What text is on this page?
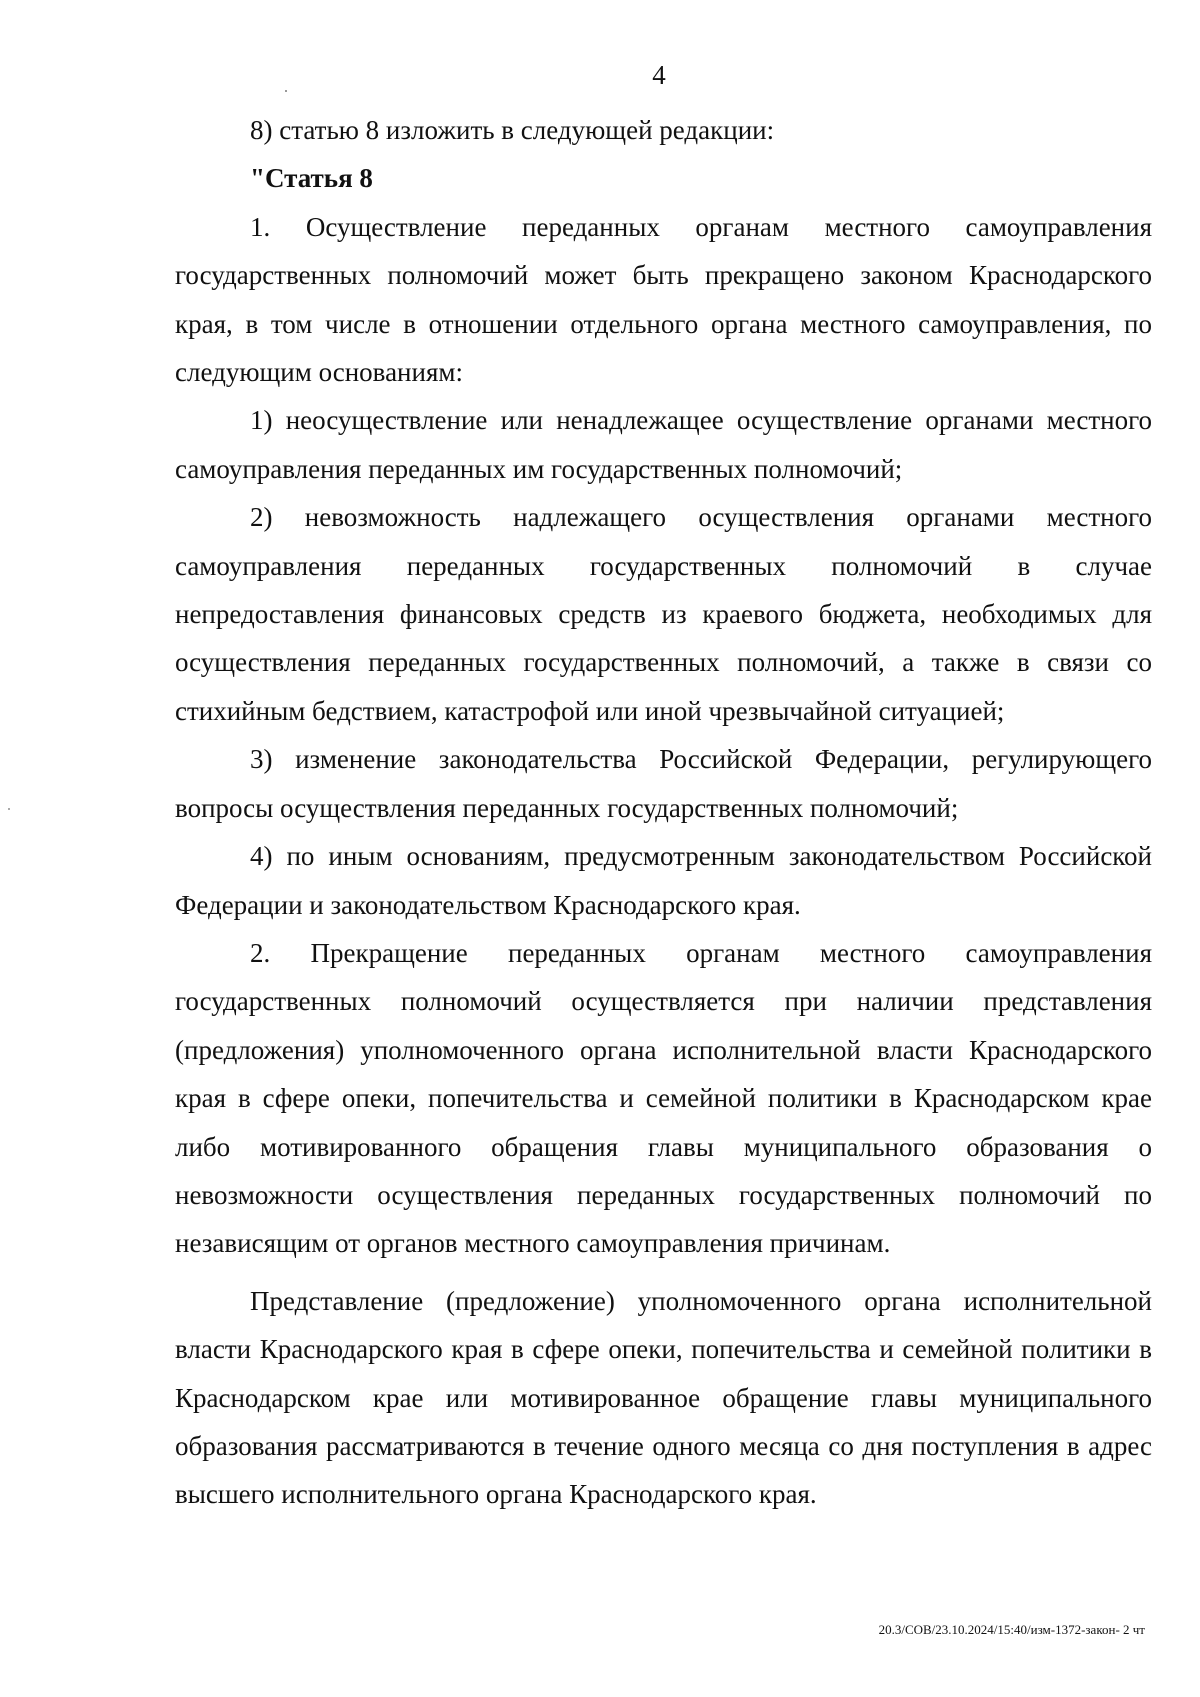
4

8) статью 8 изложить в следующей редакции:

"Статья 8

1. Осуществление переданных органам местного самоуправления государственных полномочий может быть прекращено законом Краснодарского края, в том числе в отношении отдельного органа местного самоуправления, по следующим основаниям:

1) неосуществление или ненадлежащее осуществление органами местного самоуправления переданных им государственных полномочий;

2) невозможность надлежащего осуществления органами местного самоуправления переданных государственных полномочий в случае непредоставления финансовых средств из краевого бюджета, необходимых для осуществления переданных государственных полномочий, а также в связи со стихийным бедствием, катастрофой или иной чрезвычайной ситуацией;

3) изменение законодательства Российской Федерации, регулирующего вопросы осуществления переданных государственных полномочий;

4) по иным основаниям, предусмотренным законодательством Российской Федерации и законодательством Краснодарского края.

2. Прекращение переданных органам местного самоуправления государственных полномочий осуществляется при наличии представления (предложения) уполномоченного органа исполнительной власти Краснодарского края в сфере опеки, попечительства и семейной политики в Краснодарском крае либо мотивированного обращения главы муниципального образования о невозможности осуществления переданных государственных полномочий по независящим от органов местного самоуправления причинам.

Представление (предложение) уполномоченного органа исполнительной власти Краснодарского края в сфере опеки, попечительства и семейной политики в Краснодарском крае или мотивированное обращение главы муниципального образования рассматриваются в течение одного месяца со дня поступления в адрес высшего исполнительного органа Краснодарского края.

20.3/СОВ/23.10.2024/15:40/изм-1372-закон- 2 чт
